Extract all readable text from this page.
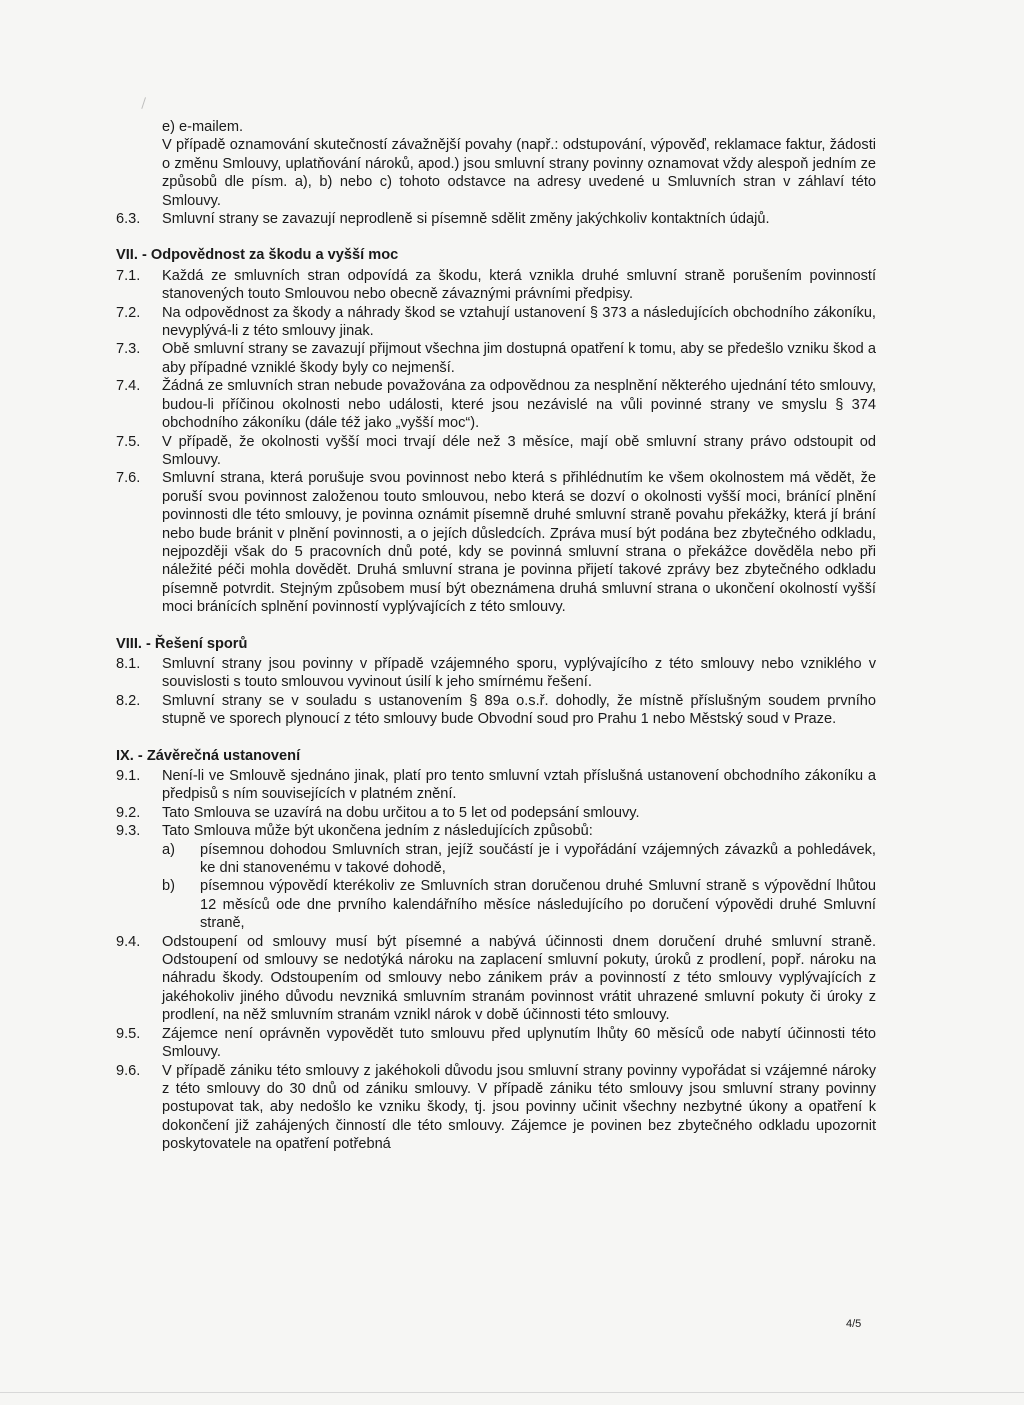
e) e-mailem.
V případě oznamování skutečností závažnější povahy (např.: odstupování, výpověď, reklamace faktur, žádosti o změnu Smlouvy, uplatňování nároků, apod.) jsou smluvní strany povinny oznamovat vždy alespoň jedním ze způsobů dle písm. a), b) nebo c) tohoto odstavce na adresy uvedené u Smluvních stran v záhlaví této Smlouvy.
6.3.	Smluvní strany se zavazují neprodleně si písemně sdělit změny jakýchkoliv kontaktních údajů.
VII. - Odpovědnost za škodu a vyšší moc
7.1.	Každá ze smluvních stran odpovídá za škodu, která vznikla druhé smluvní straně porušením povinností stanovených touto Smlouvou nebo obecně závaznými právními předpisy.
7.2.	Na odpovědnost za škody a náhrady škod se vztahují ustanovení § 373 a následujících obchodního zákoníku, nevyplývá-li z této smlouvy jinak.
7.3.	Obě smluvní strany se zavazují přijmout všechna jim dostupná opatření k tomu, aby se předešlo vzniku škod a aby případné vzniklé škody byly co nejmenší.
7.4.	Žádná ze smluvních stran nebude považována za odpovědnou za nesplnění některého ujednání této smlouvy, budou-li příčinou okolnosti nebo události, které jsou nezávislé na vůli povinné strany ve smyslu § 374 obchodního zákoníku (dále též jako „vyšší moc“).
7.5.	V případě, že okolnosti vyšší moci trvají déle než 3 měsíce, mají obě smluvní strany právo odstoupit od Smlouvy.
7.6.	Smluvní strana, která porušuje svou povinnost nebo která s přihlédnutím ke všem okolnostem má vědět, že poruší svou povinnost založenou touto smlouvou, nebo která se dozví o okolnosti vyšší moci, bránící plnění povinnosti dle této smlouvy, je povinna oznámit písemně druhé smluvní straně povahu překážky, která jí brání nebo bude bránit v plnění povinnosti, a o jejích důsledcích. Zpráva musí být podána bez zbytečného odkladu, nejpozději však do 5 pracovních dnů poté, kdy se povinná smluvní strana o překážce dověděla nebo při náležité péči mohla dovědět. Druhá smluvní strana je povinna přijetí takové zprávy bez zbytečného odkladu písemně potvrdit. Stejným způsobem musí být obeznámena druhá smluvní strana o ukončení okolností vyšší moci bránících splnění povinností vyplývajících z této smlouvy.
VIII. - Řešení sporů
8.1.	Smluvní strany jsou povinny v případě vzájemného sporu, vyplývajícího z této smlouvy nebo vzniklého v souvislosti s touto smlouvou vyvinout úsilí k jeho smírnému řešení.
8.2.	Smluvní strany se v souladu s ustanovením § 89a o.s.ř. dohodly, že místně příslušným soudem prvního stupně ve sporech plynoucí z této smlouvy bude Obvodní soud pro Prahu 1 nebo Městský soud v Praze.
IX. - Závěrečná ustanovení
9.1.	Není-li ve Smlouvě sjednáno jinak, platí pro tento smluvní vztah příslušná ustanovení obchodního zákoníku a předpisů s ním souvisejících v platném znění.
9.2.	Tato Smlouva se uzavírá na dobu určitou a to 5 let od podepsání smlouvy.
9.3.	Tato Smlouva může být ukončena jedním z následujících způsobů:
a)	písemnou dohodou Smluvních stran, jejíž součástí je i vypořádání vzájemných závazků a pohledávek, ke dni stanovenému v takové dohodě,
b)	písemnou výpovědí kterékoliv ze Smluvních stran doručenou druhé Smluvní straně s výpovědní lhůtou 12 měsíců ode dne prvního kalendářního měsíce následujícího po doručení výpovědi druhé Smluvní straně,
9.4.	Odstoupení od smlouvy musí být písemné a nabývá účinnosti dnem doručení druhé smluvní straně. Odstoupení od smlouvy se nedotýká nároku na zaplacení smluvní pokuty, úroků z prodlení, popř. nároku na náhradu škody. Odstoupením od smlouvy nebo zánikem práv a povinností z této smlouvy vyplývajících z jakéhokoliv jiného důvodu nevzniká smluvním stranám povinnost vrátit uhrazené smluvní pokuty či úroky z prodlení, na něž smluvním stranám vznikl nárok v době účinnosti této smlouvy.
9.5.	Zájemce není oprávněn vypovědět tuto smlouvu před uplynutím lhůty 60 měsíců ode nabytí účinnosti této Smlouvy.
9.6.	V případě zániku této smlouvy z jakéhokoli důvodu jsou smluvní strany povinny vypořádat si vzájemné nároky z této smlouvy do 30 dnů od zániku smlouvy. V případě zániku této smlouvy jsou smluvní strany povinny postupovat tak, aby nedošlo ke vzniku škody, tj. jsou povinny učinit všechny nezbytné úkony a opatření k dokončení již zahájených činností dle této smlouvy. Zájemce je povinen bez zbytečného odkladu upozornit poskytovatele na opatření potřebná
4/5
